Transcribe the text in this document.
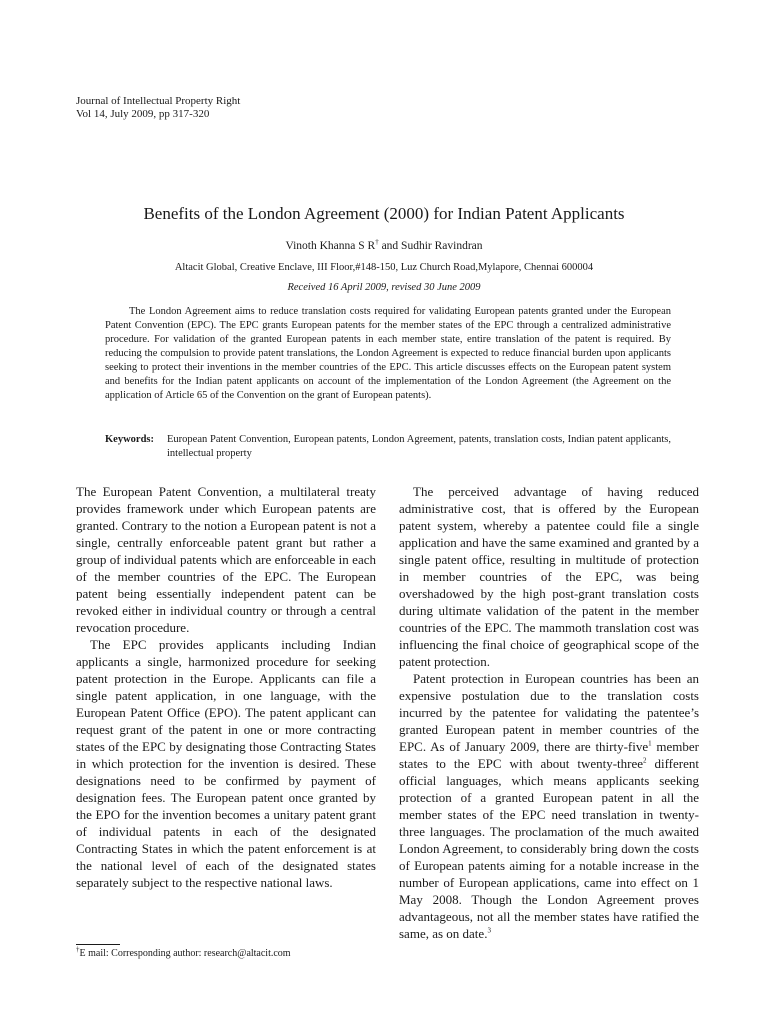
Journal of Intellectual Property Right
Vol 14, July 2009, pp 317-320
Benefits of the London Agreement (2000) for Indian Patent Applicants
Vinoth Khanna S R† and Sudhir Ravindran
Altacit Global, Creative Enclave, III Floor,#148-150, Luz Church Road,Mylapore, Chennai 600004
Received 16 April 2009, revised 30 June 2009

The London Agreement aims to reduce translation costs required for validating European patents granted under the European Patent Convention (EPC). The EPC grants European patents for the member states of the EPC through a centralized administrative procedure. For validation of the granted European patents in each member state, entire translation of the patent is required. By reducing the compulsion to provide patent translations, the London Agreement is expected to reduce financial burden upon applicants seeking to protect their inventions in the member countries of the EPC. This article discusses effects on the European patent system and benefits for the Indian patent applicants on account of the implementation of the London Agreement (the Agreement on the application of Article 65 of the Convention on the grant of European patents).

Keywords:	European Patent Convention, European patents, London Agreement, patents, translation costs, Indian patent applicants, intellectual property

The European Patent Convention, a multilateral treaty provides framework under which European patents are granted. Contrary to the notion a European patent is not a single, centrally enforceable patent grant but rather a group of individual patents which are enforceable in each of the member countries of the EPC. The European patent being essentially independent patent can be revoked either in individual country or through a central revocation procedure.

The EPC provides applicants including Indian applicants a single, harmonized procedure for seeking patent protection in the Europe. Applicants can file a single patent application, in one language, with the European Patent Office (EPO). The patent applicant can request grant of the patent in one or more contracting states of the EPC by designating those Contracting States in which protection for the invention is desired. These designations need to be confirmed by payment of designation fees. The European patent once granted by the EPO for the invention becomes a unitary patent grant of individual patents in each of the designated Contracting States in which the patent enforcement is at the national level of each of the designated states separately subject to the respective national laws.

The perceived advantage of having reduced administrative cost, that is offered by the European patent system, whereby a patentee could file a single application and have the same examined and granted by a single patent office, resulting in multitude of protection in member countries of the EPC, was being overshadowed by the high post-grant translation costs during ultimate validation of the patent in the member countries of the EPC. The mammoth translation cost was influencing the final choice of geographical scope of the patent protection.

Patent protection in European countries has been an expensive postulation due to the translation costs incurred by the patentee for validating the patentee’s granted European patent in member countries of the EPC. As of January 2009, there are thirty-five$^1$ member states to the EPC with about twenty-three$^2$ different official languages, which means applicants seeking protection of a granted European patent in all the member states of the EPC need translation in twenty-three languages. The proclamation of the much awaited London Agreement, to considerably bring down the costs of European patents aiming for a notable increase in the number of European applications, came into effect on 1 May 2008. Though the London Agreement proves advantageous, not all the member states have ratified the same, as on date.$^3$

†E mail: Corresponding author: research@altacit.com
